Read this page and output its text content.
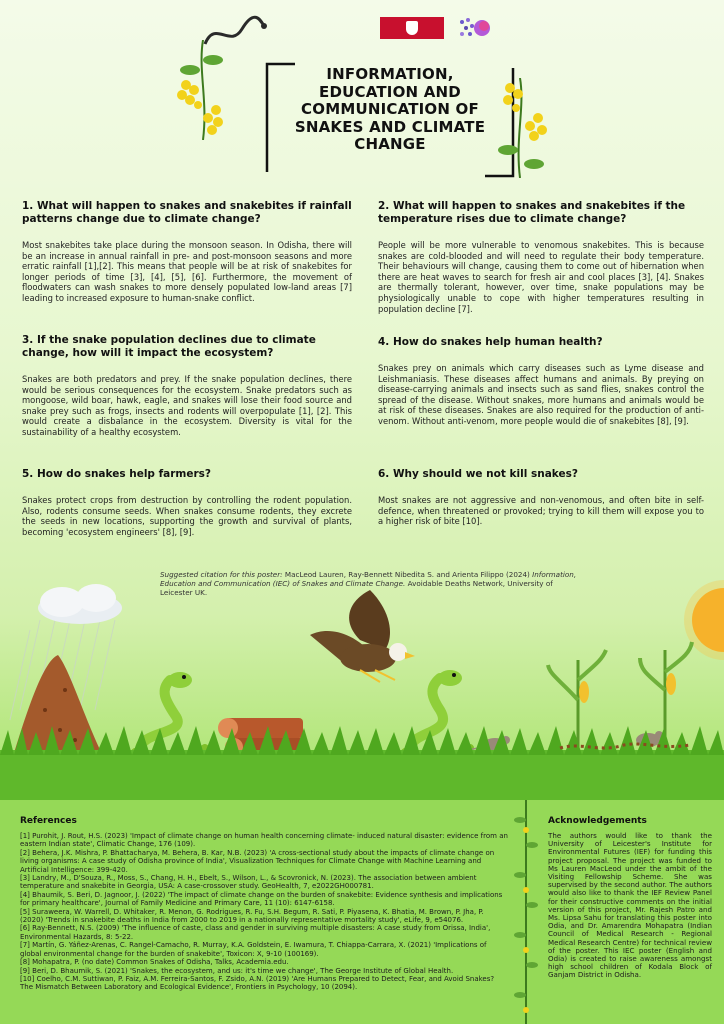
INFORMATION,
EDUCATION AND
COMMUNICATION OF
SNAKES AND CLIMATE
CHANGE
1. What will happen to snakes and snakebites if rainfall patterns change due to climate change?

Most snakebites take place during the monsoon season. In Odisha, there will be an increase in annual rainfall in pre- and post-monsoon seasons and more erratic rainfall [1],[2]. This means that people will be at risk of snakebites for longer periods of time [3], [4], [5], [6]. Furthermore, the movement of floodwaters can wash snakes to more densely populated low-land areas [7] leading to increased exposure to human-snake conflict.

2. What will happen to snakes and snakebites if the temperature rises due to climate change?

People will be more vulnerable to venomous snakebites. This is because snakes are cold-blooded and will need to regulate their body temperature. Their behaviours will change, causing them to come out of hibernation when there are heat waves to search for fresh air and cool places [3], [4]. Snakes are thermally tolerant, however, over time, snake populations may be physiologically unable to cope with higher temperatures resulting in population decline [7].

3. If the snake population declines due to climate change, how will it impact the ecosystem?

Snakes are both predators and prey. If the snake population declines, there would be serious consequences for the ecosystem. Snake predators such as mongoose, wild boar, hawk, eagle, and snakes will lose their food source and snake prey such as frogs, insects and rodents will overpopulate [1], [2]. This would create a disbalance in the ecosystem. Diversity is vital for the sustainability of a healthy ecosystem.

4. How do snakes help human health?

Snakes prey on animals which carry diseases such as Lyme disease and Leishmaniasis. These diseases affect humans and animals. By preying on disease-carrying animals and insects such as sand flies, snakes control the spread of the disease. Without snakes, more humans and animals would be at risk of these diseases. Snakes are also required for the production of anti-venom. Without anti-venom, more people would die of snakebites [8], [9].

5. How do snakes help farmers?

Snakes protect crops from destruction by controlling the rodent population. Also, rodents consume seeds. When snakes consume rodents, they excrete the seeds in new locations, supporting the growth and survival of plants, becoming 'ecosystem engineers' [8], [9].

6. Why should we not kill snakes?

Most snakes are not aggressive and non-venomous, and often bite in self-defence, when threatened or provoked; trying to kill them will expose you to a higher risk of bite [10].

Suggested citation for this poster: MacLeod Lauren, Ray-Bennett Nibedita S. and Arienta Filippo (2024) Information, Education and Communication (IEC) of Snakes and Climate Change. Avoidable Deaths Network, University of Leicester UK.
References
[1] Purohit, J. Rout, H.S. (2023) 'Impact of climate change on human health concerning climate- induced natural disaster: evidence from an eastern Indian state', Climatic Change, 176 (109).
[2] Behera, J.K. Mishra, P. Bhattacharya, M. Behera, B. Kar, N.B. (2023) 'A cross-sectional study about the impacts of climate change on living organisms: A case study of Odisha province of India', Visualization Techniques for Climate Change with Machine Learning and Artificial Intelligence: 399-420.
[3] Landry, M., D'Souza, R., Moss, S., Chang, H. H., Ebelt, S., Wilson, L., & Scovronick, N. (2023). The association between ambient temperature and snakebite in Georgia, USA: A case-crossover study. GeoHealth, 7, e2022GH000781.
[4] Bhaumik, S. Beri, D. Jagnoor, J. (2022) 'The impact of climate change on the burden of snakebite: Evidence synthesis and implications for primary healthcare', Journal of Family Medicine and Primary Care, 11 (10): 6147-6158.
[5] Suraweera, W. Warrell, D. Whitaker, R. Menon, G. Rodrigues, R. Fu, S.H. Begum, R. Sati, P. Piyasena, K. Bhatia, M. Brown, P. Jha, P. (2020) 'Trends in snakebite deaths in India from 2000 to 2019 in a nationally representative mortality study', eLife, 9, e54076.
[6] Ray-Bennett, N.S. (2009) 'The influence of caste, class and gender in surviving multiple disasters: A case study from Orissa, India', Environmental Hazards, 8: 5-22.
[7] Martín, G. Yáñez-Arenas, C. Rangel-Camacho, R. Murray, K.A. Goldstein, E. Iwamura, T. Chiappa-Carrara, X. (2021) 'Implications of global environmental change for the burden of snakebite', Toxicon: X, 9-10 (100169).
[8] Mohapatra, P. (no date) Common Snakes of Odisha, Talks, Academia.edu.
[9] Beri, D. Bhaumik, S. (2021) 'Snakes, the ecosystem, and us: it's time we change', The George Institute of Global Health.
[10] Coelho, C.M. Suttiwan, P. Faiz, A.M. Ferreira-Santos, F. Zsido, A.N. (2019) 'Are Humans Prepared to Detect, Fear, and Avoid Snakes? The Mismatch Between Laboratory and Ecological Evidence', Frontiers in Psychology, 10 (2094).
Acknowledgements

The authors would like to thank the University of Leicester's Institute for Environmental Futures (IEF) for funding this project proposal. The project was funded to Ms Lauren MacLeod under the ambit of the Visiting Fellowship Scheme. She was supervised by the second author. The authors would also like to thank the IEF Review Panel for their constructive comments on the initial version of this project, Mr. Rajesh Patro and Ms. Lipsa Sahu for translating this poster into Odia, and Dr. Amarendra Mohapatra (Indian Council of Medical Research - Regional Medical Research Centre) for technical review of the poster. This IEC poster (English and Odia) is created to raise awareness amongst high school children of Kodala Block of Ganjam District in Odisha.
